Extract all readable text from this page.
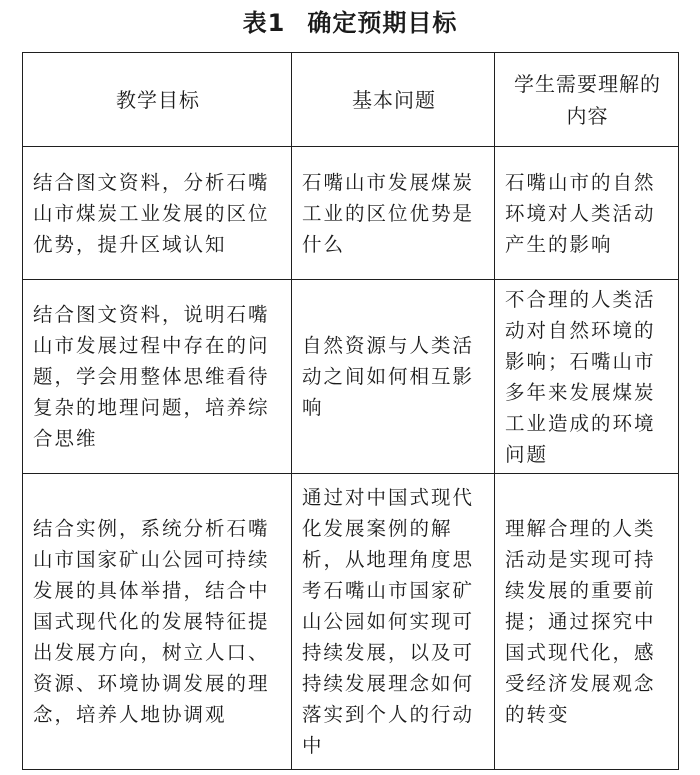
表1 确定预期目标
教学目标	基本问题	学生需要理解的内容
结合图文资料，分析石嘴山市煤炭工业发展的区位优势，提升区域认知	石嘴山市发展煤炭工业的区位优势是什么	石嘴山市的自然环境对人类活动产生的影响
结合图文资料，说明石嘴山市发展过程中存在的问题，学会用整体思维看待复杂的地理问题，培养综合思维	自然资源与人类活动之间如何相互影响	不合理的人类活动对自然环境的影响；石嘴山市多年来发展煤炭工业造成的环境问题
结合实例，系统分析石嘴山市国家矿山公园可持续发展的具体举措，结合中国式现代化的发展特征提出发展方向，树立人口、资源、环境协调发展的理念，培养人地协调观	通过对中国式现代化发展案例的解析，从地理角度思考石嘴山市国家矿山公园如何实现可持续发展，以及可持续发展理念如何落实到个人的行动中	理解合理的人类活动是实现可持续发展的重要前提；通过探究中国式现代化，感受经济发展观念的转变
